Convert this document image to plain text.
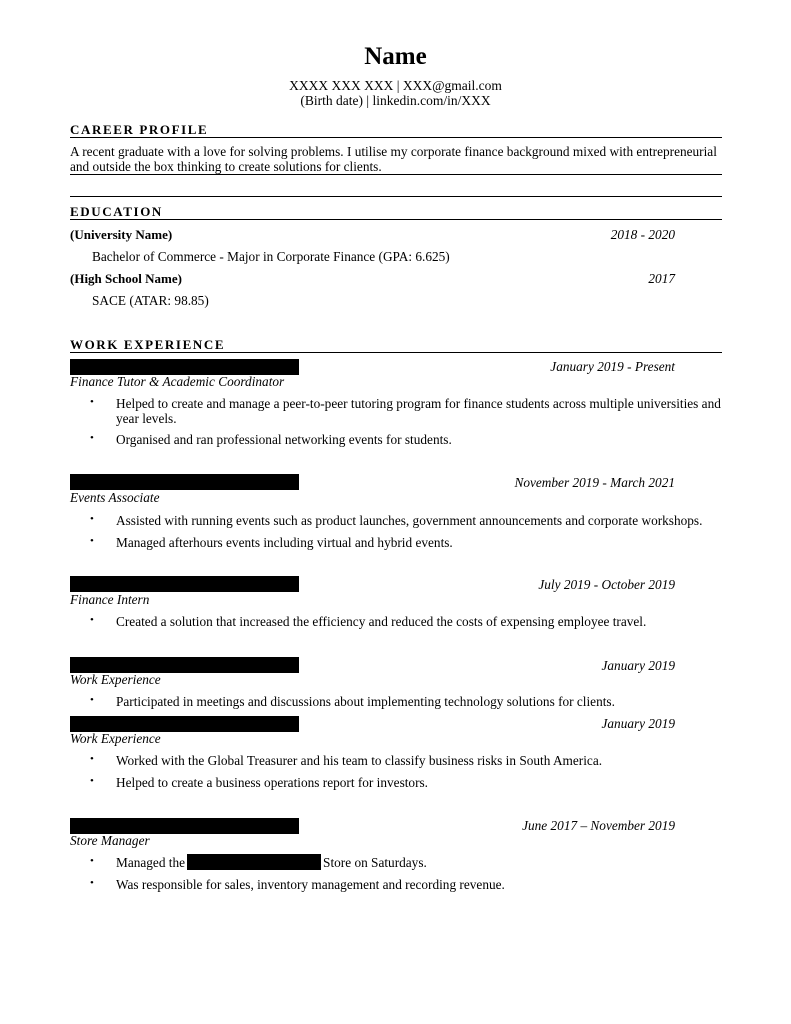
Name
XXXX XXX XXX | XXX@gmail.com
(Birth date) | linkedin.com/in/XXX
CAREER PROFILE
A recent graduate with a love for solving problems. I utilise my corporate finance background mixed with entrepreneurial and outside the box thinking to create solutions for clients.
EDUCATION
(University Name)	2018 - 2020
Bachelor of Commerce - Major in Corporate Finance (GPA: 6.625)
(High School Name)	2017
SACE (ATAR: 98.85)
WORK EXPERIENCE
January 2019 - Present
Finance Tutor & Academic Coordinator
• Helped to create and manage a peer-to-peer tutoring program for finance students across multiple universities and year levels.
• Organised and ran professional networking events for students.
November 2019 - March 2021
Events Associate
• Assisted with running events such as product launches, government announcements and corporate workshops.
• Managed afterhours events including virtual and hybrid events.
July 2019 - October 2019
Finance Intern
• Created a solution that increased the efficiency and reduced the costs of expensing employee travel.
January 2019
Work Experience
• Participated in meetings and discussions about implementing technology solutions for clients.
January 2019
Work Experience
• Worked with the Global Treasurer and his team to classify business risks in South America.
• Helped to create a business operations report for investors.
June 2017 – November 2019
Store Manager
• Managed the	Store on Saturdays.
• Was responsible for sales, inventory management and recording revenue.
